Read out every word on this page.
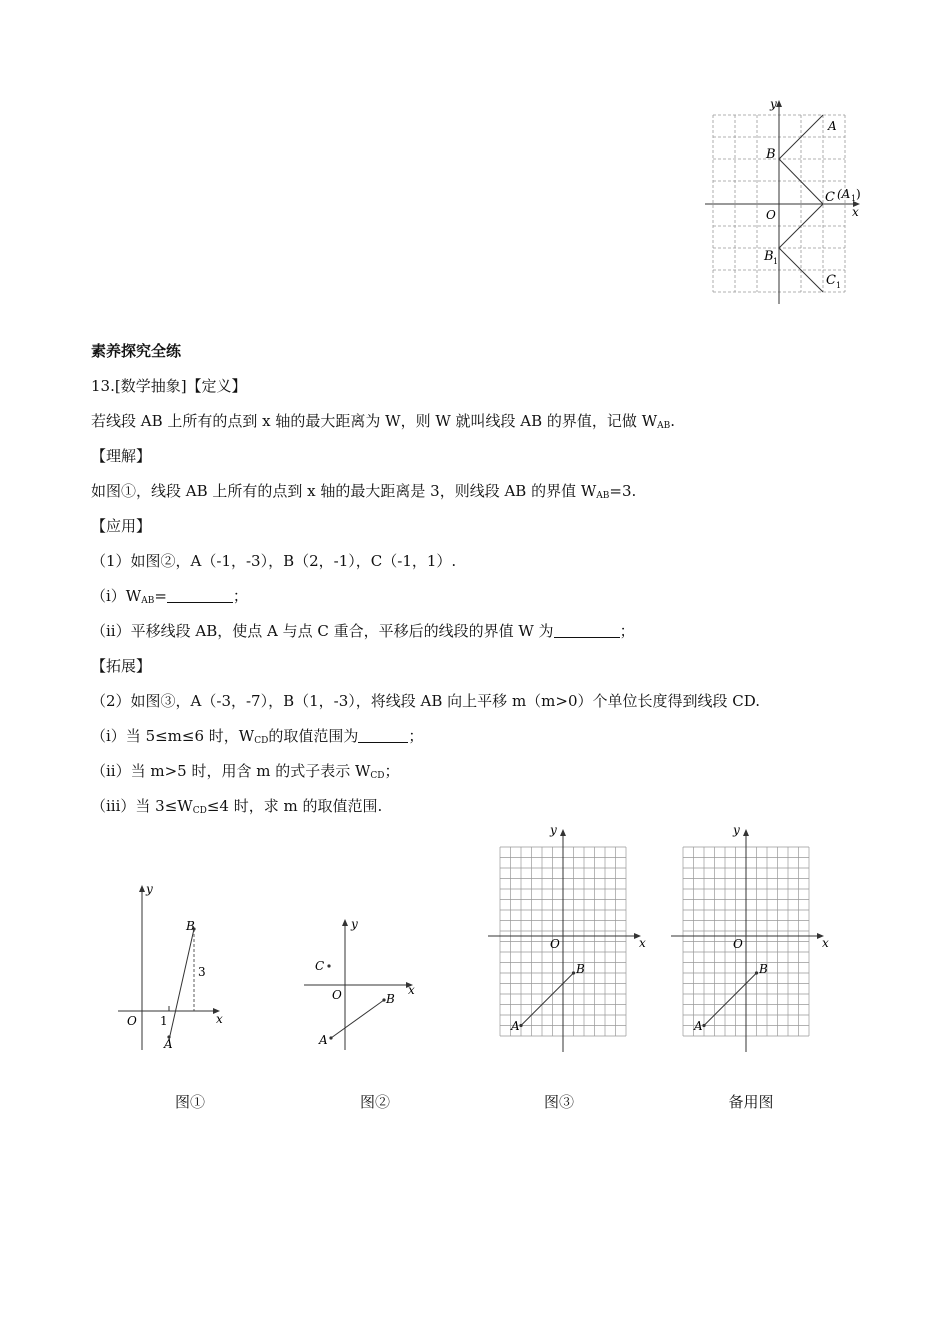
y
x
O
A
B
C (A 1 )
B 1
C 1
素养探究全练
13.[数学抽象]【定义】
若线段 AB 上所有的点到 x 轴的最大距离为 W，则 W 就叫线段 AB 的界值，记做 $W_{AB}$.
【理解】
如图①，线段 AB 上所有的点到 x 轴的最大距离是 3，则线段 AB 的界值 $W_{AB}=3$.
【应用】
（1）如图②，A（-1，-3），B（2，-1），C（-1，1）.
$(i)W_{AB}=$	；
（ii）平移线段 AB，使点 A 与点 C 重合，平移后的线段的界值 W 为	；
【拓展】
（2）如图③，A（-3，-7），B（1，-3），将线段 AB 向上平移 m（m>0）个单位长度得到线段 CD.
（i）当 5≤m≤6 时，$W_{CD}$的取值范围为	；
（ii）当 m>5 时，用含 m 的式子表示 $W_{CD}$；
（iii）当 $3\le W_{CD}\le 4$ 时，求 m 的取值范围.
y
x
O 1
3
A
B	y
x
O
A
B
C
y
x
O
A
B
y
x
O
A
B
图①	图②	图③	备用图
